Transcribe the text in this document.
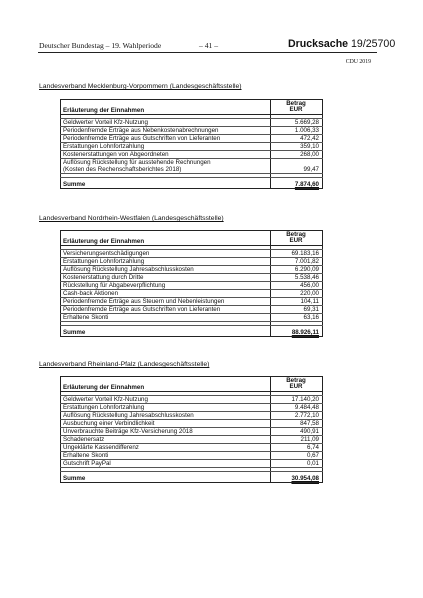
Deutscher Bundestag – 19. Wahlperiode	– 41 –	Drucksache 19/25700
CDU 2019
Landesverband Mecklenburg-Vorpommern (Landesgeschäftsstelle)
Erläuterung der Einnahmen	Betrag
EUR

Geldwerter Vorteil Kfz-Nutzung	5.669,28
Periodenfremde Erträge aus Nebenkostenabrechnungen	1.006,33
Periodenfremde Erträge aus Gutschriften von Lieferanten	472,42
Erstattungen Lohnfortzahlung	359,10
Kostenerstattungen von Abgeordneten	268,00
Auflösung Rückstellung für ausstehende Rechnungen
(Kosten des Rechenschaftsberichtes 2018)	99,47

Summe	7.874,60
Landesverband Nordrhein-Westfalen (Landesgeschäftsstelle)
Erläuterung der Einnahmen	Betrag
EUR

Versicherungsentschädigungen	69.183,16
Erstattungen Lohnfortzahlung	7.001,82
Auflösung Rückstellung Jahresabschlusskosten	6.290,09
Kostenerstattung durch Dritte	5.538,46
Rückstellung für Abgabeverpflichtung	456,00
Cash-back Aktionen	220,00
Periodenfremde Erträge aus Steuern und Nebenleistungen	104,11
Periodenfremde Erträge aus Gutschriften von Lieferanten	69,31
Erhaltene Skonti	63,16

Summe	88.926,11
Landesverband Rheinland-Pfalz (Landesgeschäftsstelle)
Erläuterung der Einnahmen	Betrag
EUR

Geldwerter Vorteil Kfz-Nutzung	17.140,20
Erstattungen Lohnfortzahlung	9.484,48
Auflösung Rückstellung Jahresabschlusskosten	2.772,10
Ausbuchung einer Verbindlichkeit	847,58
Unverbrauchte Beiträge Kfz-Versicherung 2018	490,91
Schadenersatz	211,09
Ungeklärte Kassendifferenz	6,74
Erhaltene Skonti	0,67
Gutschrift PayPal	0,01

Summe	30.954,08
